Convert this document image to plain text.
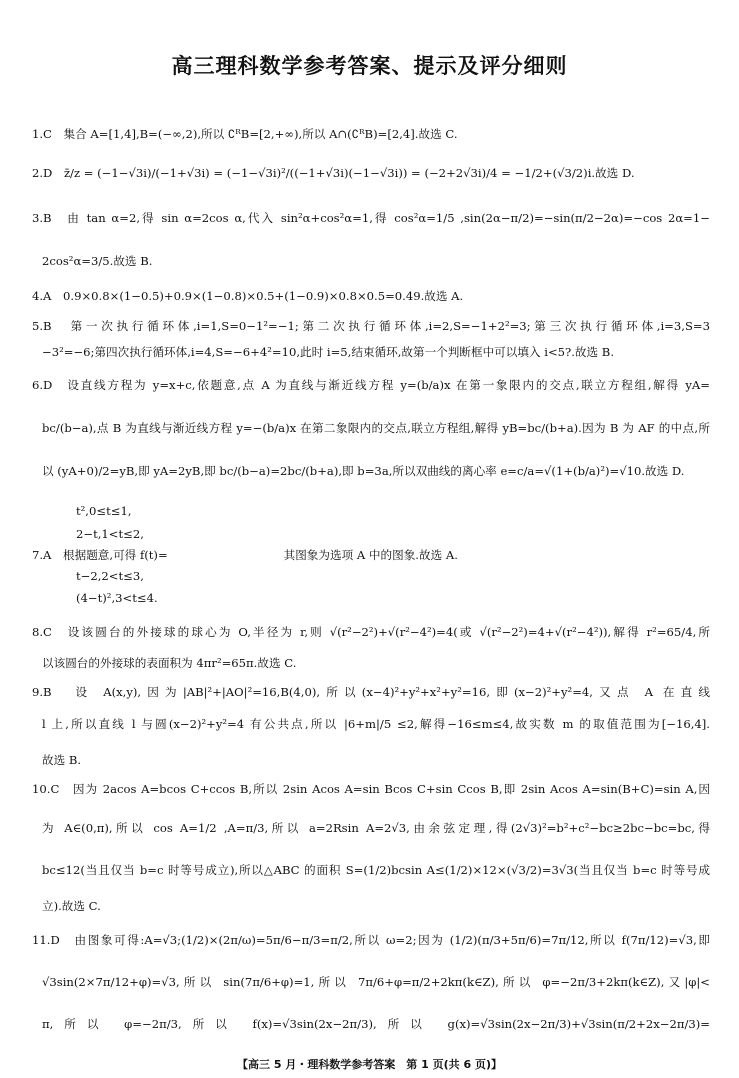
高三理科数学参考答案、提示及评分细则
1.C　集合 A=[1,4],B=(−∞,2),所以 ∁ᴿB=[2,+∞),所以 A∩(∁ᴿB)=[2,4].故选 C.
2.D　z̄/z = (−1−√3i)/(−1+√3i) = (−1−√3i)²/((−1+√3i)(−1−√3i)) = (−2+2√3i)/4 = −1/2+(√3/2)i.故选 D.
3.B　由 tan α=2,得 sin α=2cos α,代入 sin²α+cos²α=1,得 cos²α=1/5 ,sin(2α−π/2)=−sin(π/2−2α)=−cos 2α=1−
2cos²α=3/5.故选 B.
4.A　0.9×0.8×(1−0.5)+0.9×(1−0.8)×0.5+(1−0.9)×0.8×0.5=0.49.故选 A.
5.B　第一次执行循环体,i=1,S=0−1²=−1;第二次执行循环体,i=2,S=−1+2²=3;第三次执行循环体,i=3,S=3
−3²=−6;第四次执行循环体,i=4,S=−6+4²=10,此时 i=5,结束循环,故第一个判断框中可以填入 i<5?.故选 B.
6.D　设直线方程为 y=x+c,依题意,点 A 为直线与渐近线方程 y=(b/a)x 在第一象限内的交点,联立方程组,解得 yA=
bc/(b−a),点 B 为直线与渐近线方程 y=−(b/a)x 在第二象限内的交点,联立方程组,解得 yB=bc/(b+a).因为 B 为 AF 的中点,所
以 (yA+0)/2=yB,即 yA=2yB,即 bc/(b−a)=2bc/(b+a),即 b=3a,所以双曲线的离心率 e=c/a=√(1+(b/a)²)=√10.故选 D.
t²,0≤t≤1,
2−t,1<t≤2,
7.A　根据题意,可得 f(t)=　　　　　　　　　　其图象为选项 A 中的图象.故选 A.
t−2,2<t≤3,
(4−t)²,3<t≤4.
8.C　设该圆台的外接球的球心为 O,半径为 r,则 √(r²−2²)+√(r²−4²)=4(或 √(r²−2²)=4+√(r²−4²)),解得 r²=65/4,所
以该圆台的外接球的表面积为 4πr²=65π.故选 C.
9.B　设 A(x,y),因为|AB|²+|AO|²=16,B(4,0),所以(x−4)²+y²+x²+y²=16,即(x−2)²+y²=4,又点 A 在直线
l 上,所以直线 l 与圆(x−2)²+y²=4 有公共点,所以 |6+m|/5 ≤2,解得−16≤m≤4,故实数 m 的取值范围为[−16,4].
故选 B.
10.C　因为 2acos A=bcos C+ccos B,所以 2sin Acos A=sin Bcos C+sin Ccos B,即 2sin Acos A=sin(B+C)=sin A,因
为 A∈(0,π),所以 cos A=1/2 ,A=π/3,所以 a=2Rsin A=2√3,由余弦定理,得(2√3)²=b²+c²−bc≥2bc−bc=bc,得
bc≤12(当且仅当 b=c 时等号成立),所以△ABC 的面积 S=(1/2)bcsin A≤(1/2)×12×(√3/2)=3√3(当且仅当 b=c 时等号成
立).故选 C.
11.D　由图象可得:A=√3;(1/2)×(2π/ω)=5π/6−π/3=π/2,所以 ω=2;因为 (1/2)(π/3+5π/6)=7π/12,所以 f(7π/12)=√3,即
√3sin(2×7π/12+φ)=√3,所以 sin(7π/6+φ)=1,所以 7π/6+φ=π/2+2kπ(k∈Z),所以 φ=−2π/3+2kπ(k∈Z),又|φ|<
π,所以 φ=−2π/3,所以 f(x)=√3sin(2x−2π/3),所以 g(x)=√3sin(2x−2π/3)+√3sin(π/2+2x−2π/3)=
【高三 5 月・理科数学参考答案　第 1 页(共 6 页)】
